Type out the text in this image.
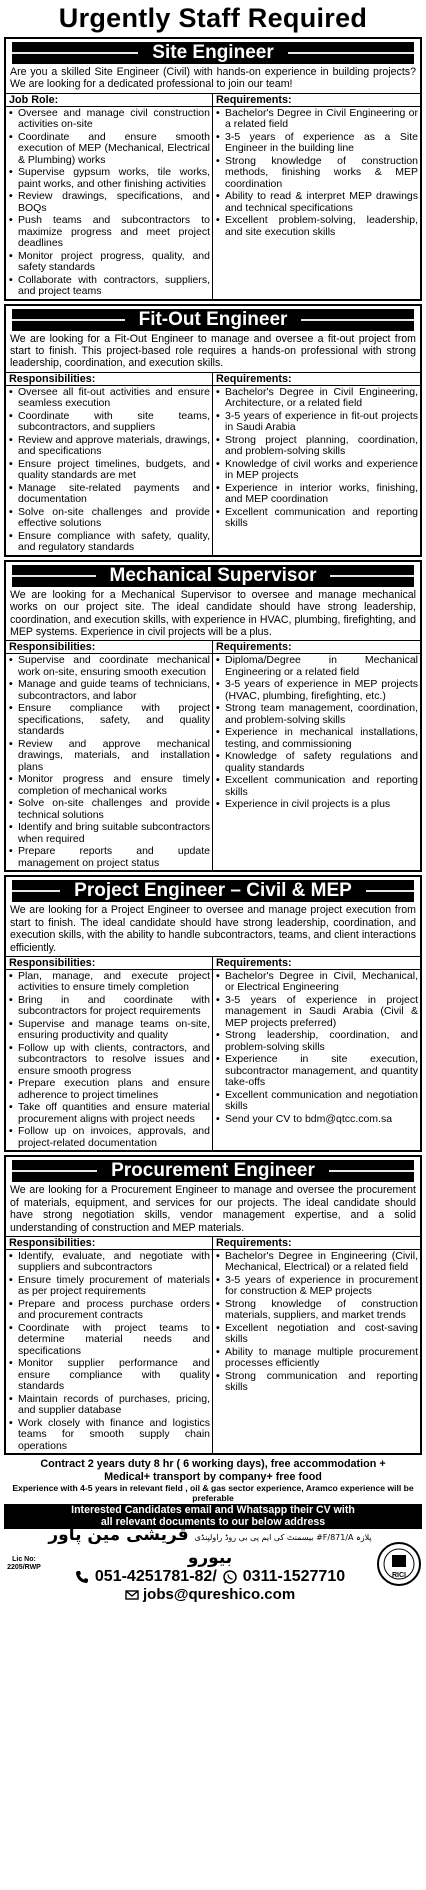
Urgently Staff Required
Site Engineer
Are you a skilled Site Engineer (Civil) with hands-on experience in building projects? We are looking for a dedicated professional to join our team!
Job Role:
• Oversee and manage civil construction activities on-site
• Coordinate and ensure smooth execution of MEP (Mechanical, Electrical & Plumbing) works
• Supervise gypsum works, tile works, paint works, and other finishing activities
• Review drawings, specifications, and BOQs
• Push teams and subcontractors to maximize progress and meet project deadlines
• Monitor project progress, quality, and safety standards
• Collaborate with contractors, suppliers, and project teams
Requirements:
• Bachelor's Degree in Civil Engineering or a related field
• 3-5 years of experience as a Site Engineer in the building line
• Strong knowledge of construction methods, finishing works & MEP coordination
• Ability to read & interpret MEP drawings and technical specifications
• Excellent problem-solving, leadership, and site execution skills
Fit-Out Engineer
We are looking for a Fit-Out Engineer to manage and oversee a fit-out project from start to finish. This project-based role requires a hands-on professional with strong leadership, coordination, and execution skills.
Responsibilities:
• Oversee all fit-out activities and ensure seamless execution
• Coordinate with site teams, subcontractors, and suppliers
• Review and approve materials, drawings, and specifications
• Ensure project timelines, budgets, and quality standards are met
• Manage site-related payments and documentation
• Solve on-site challenges and provide effective solutions
• Ensure compliance with safety, quality, and regulatory standards
Requirements:
• Bachelor's Degree in Civil Engineering, Architecture, or a related field
• 3-5 years of experience in fit-out projects in Saudi Arabia
• Strong project planning, coordination, and problem-solving skills
• Knowledge of civil works and experience in MEP projects
• Experience in interior works, finishing, and MEP coordination
• Excellent communication and reporting skills
Mechanical Supervisor
We are looking for a Mechanical Supervisor to oversee and manage mechanical works on our project site. The ideal candidate should have strong leadership, coordination, and execution skills, with experience in HVAC, plumbing, firefighting, and MEP systems. Experience in civil projects will be a plus.
Responsibilities:
• Supervise and coordinate mechanical work on-site, ensuring smooth execution
• Manage and guide teams of technicians, subcontractors, and labor
• Ensure compliance with project specifications, safety, and quality standards
• Review and approve mechanical drawings, materials, and installation plans
• Monitor progress and ensure timely completion of mechanical works
• Solve on-site challenges and provide technical solutions
• Identify and bring suitable subcontractors when required
• Prepare reports and update management on project status
Requirements:
• Diploma/Degree in Mechanical Engineering or a related field
• 3-5 years of experience in MEP projects (HVAC, plumbing, firefighting, etc.)
• Strong team management, coordination, and problem-solving skills
• Experience in mechanical installations, testing, and commissioning
• Knowledge of safety regulations and quality standards
• Excellent communication and reporting skills
• Experience in civil projects is a plus
Project Engineer – Civil & MEP
We are looking for a Project Engineer to oversee and manage project execution from start to finish. The ideal candidate should have strong leadership, coordination, and execution skills, with the ability to handle subcontractors, teams, and client interactions efficiently.
Responsibilities:
• Plan, manage, and execute project activities to ensure timely completion
• Bring in and coordinate with subcontractors for project requirements
• Supervise and manage teams on-site, ensuring productivity and quality
• Follow up with clients, contractors, and subcontractors to resolve issues and ensure smooth progress
• Prepare execution plans and ensure adherence to project timelines
• Take off quantities and ensure material procurement aligns with project needs
• Follow up on invoices, approvals, and project-related documentation
Requirements:
• Bachelor's Degree in Civil, Mechanical, or Electrical Engineering
• 3-5 years of experience in project management in Saudi Arabia (Civil & MEP projects preferred)
• Strong leadership, coordination, and problem-solving skills
• Experience in site execution, subcontractor management, and quantity take-offs
• Excellent communication and negotiation skills
• Send your CV to bdm@qtcc.com.sa
Procurement Engineer
We are looking for a Procurement Engineer to manage and oversee the procurement of materials, equipment, and services for our projects. The ideal candidate should have strong negotiation skills, vendor management expertise, and a solid understanding of construction and MEP materials.
Responsibilities:
• Identify, evaluate, and negotiate with suppliers and subcontractors
• Ensure timely procurement of materials as per project requirements
• Prepare and process purchase orders and procurement contracts
• Coordinate with project teams to determine material needs and specifications
• Monitor supplier performance and ensure compliance with quality standards
• Maintain records of purchases, pricing, and supplier database
• Work closely with finance and logistics teams for smooth supply chain operations
Requirements:
• Bachelor's Degree in Engineering (Civil, Mechanical, Electrical) or a related field
• 3-5 years of experience in procurement for construction & MEP projects
• Strong knowledge of construction materials, suppliers, and market trends
• Excellent negotiation and cost-saving skills
• Ability to manage multiple procurement processes efficiently
• Strong communication and reporting skills
Contract 2 years duty 8 hr ( 6 working days), free accommodation +
Medical+ transport by company+ free food
Experience with 4-5 years in relevant field , oil & gas sector experience, Aramco experience will be preferable
Interested Candidates email and Whatsapp their CV with
all relevant documents to our below address
Lic No:
2205/RWP
پلازہ F/871/A# بیسمنٹ کی ایم پی بی روڈ راولپنڈی قریشی مین پاور بیورو
051-4251781-82/ 0311-1527710
jobs@qureshico.com
RICI
